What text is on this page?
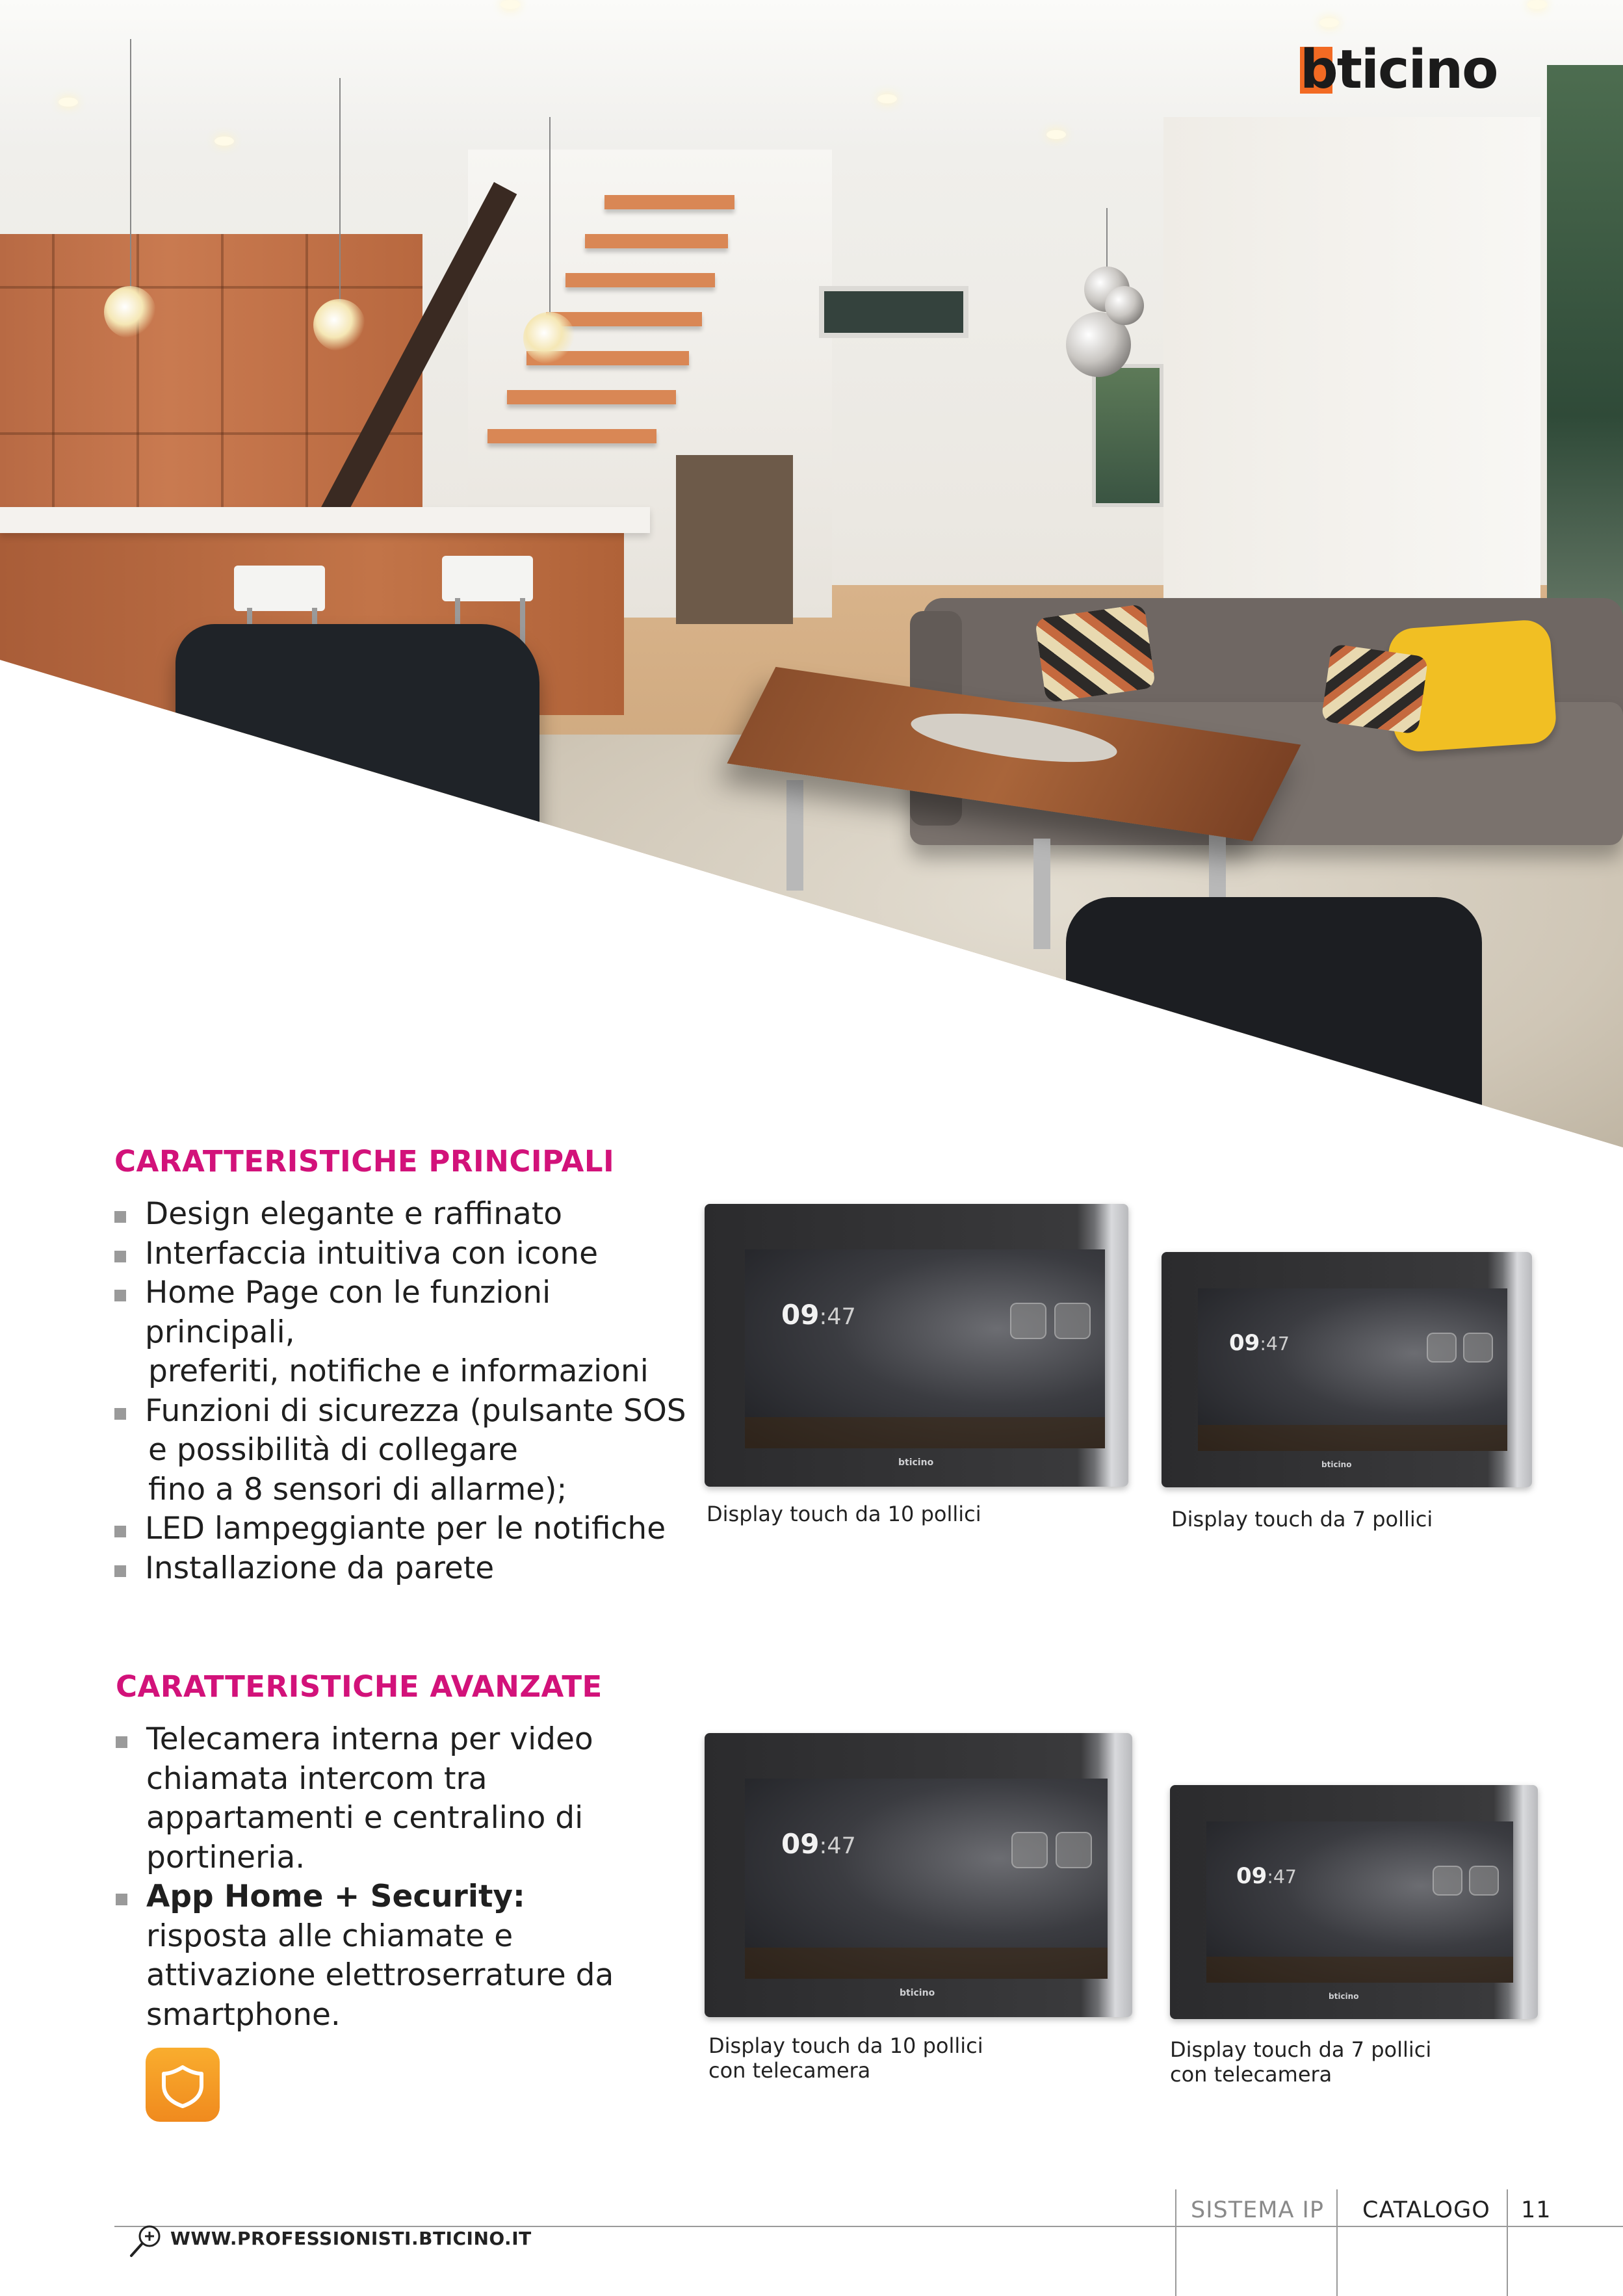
bticino
CARATTERISTICHE PRINCIPALI
Design elegante e raffinato
Interfaccia intuitiva con icone
Home Page con le funzioni principali,

preferiti, notifiche e informazioni
Funzioni di sicurezza (pulsante SOS

e possibilità di collegare
fino a 8 sensori di allarme);
LED lampeggiante per le notifiche
Installazione da parete
09:47
bticino
Display touch da 10 pollici
09:47
bticino
Display touch da 7 pollici
CARATTERISTICHE AVANZATE
Telecamera interna per video
chiamata intercom tra
appartamenti e centralino di
portineria.
App Home + Security:
risposta alle chiamate e
attivazione elettroserrature da
smartphone.
09:47
bticino
Display touch da 10 pollici
con telecamera
09:47
bticino
Display touch da 7 pollici
con telecamera
SISTEMA IP CATALOGO 11
WWW.PROFESSIONISTI.BTICINO.IT
